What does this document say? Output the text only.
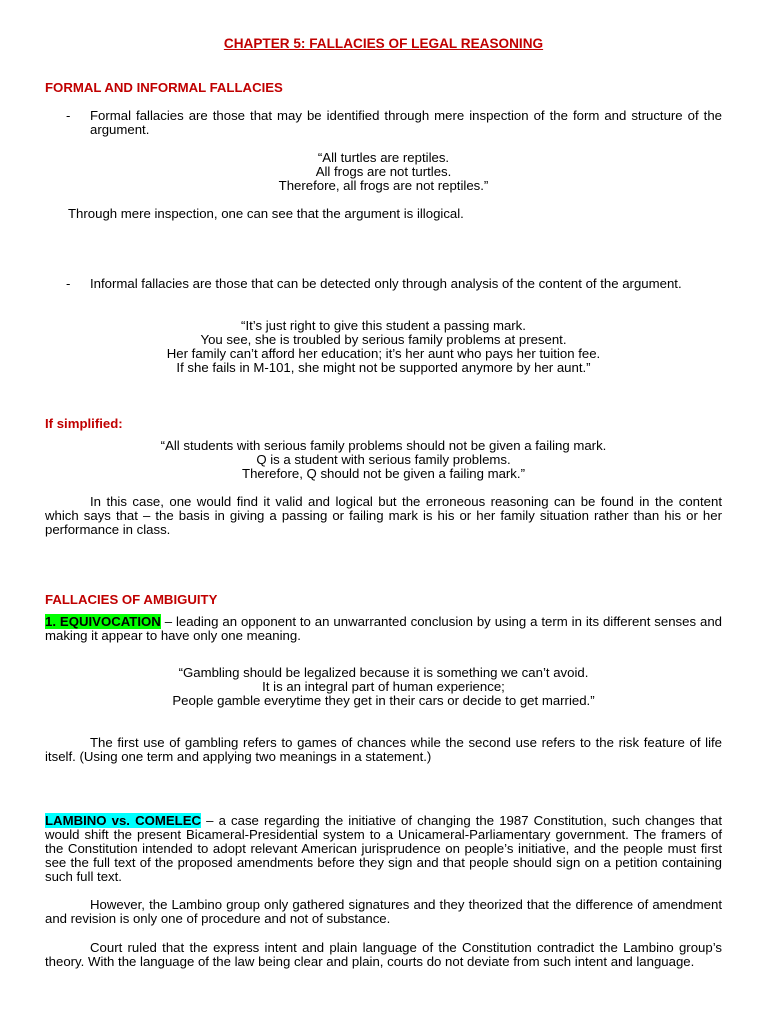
CHAPTER 5: FALLACIES OF LEGAL REASONING
FORMAL AND INFORMAL FALLACIES
-	Formal fallacies are those that may be identified through mere inspection of the form and structure of the argument.

“All turtles are reptiles.
All frogs are not turtles.
Therefore, all frogs are not reptiles.”

Through mere inspection, one can see that the argument is illogical.

-	Informal fallacies are those that can be detected only through analysis of the content of the argument.

“It’s just right to give this student a passing mark.
You see, she is troubled by serious family problems at present.
Her family can’t afford her education; it’s her aunt who pays her tuition fee.
If she fails in M-101, she might not be supported anymore by her aunt.”
If simplified:
“All students with serious family problems should not be given a failing mark.
Q is a student with serious family problems.
Therefore, Q should not be given a failing mark.”

In this case, one would find it valid and logical but the erroneous reasoning can be found in the content which says that – the basis in giving a passing or failing mark is his or her family situation rather than his or her performance in class.

FALLACIES OF AMBIGUITY

1. EQUIVOCATION – leading an opponent to an unwarranted conclusion by using a term in its different senses and making it appear to have only one meaning.

“Gambling should be legalized because it is something we can’t avoid.
It is an integral part of human experience;
People gamble everytime they get in their cars or decide to get married.”

The first use of gambling refers to games of chances while the second use refers to the risk feature of life itself. (Using one term and applying two meanings in a statement.)

LAMBINO vs. COMELEC – a case regarding the initiative of changing the 1987 Constitution, such changes that would shift the present Bicameral-Presidential system to a Unicameral-Parliamentary government. The framers of the Constitution intended to adopt relevant American jurisprudence on people’s initiative, and the people must first see the full text of the proposed amendments before they sign and that people should sign on a petition containing such full text.

However, the Lambino group only gathered signatures and they theorized that the difference of amendment and revision is only one of procedure and not of substance.

Court ruled that the express intent and plain language of the Constitution contradict the Lambino group’s theory. With the language of the law being clear and plain, courts do not deviate from such intent and language.
